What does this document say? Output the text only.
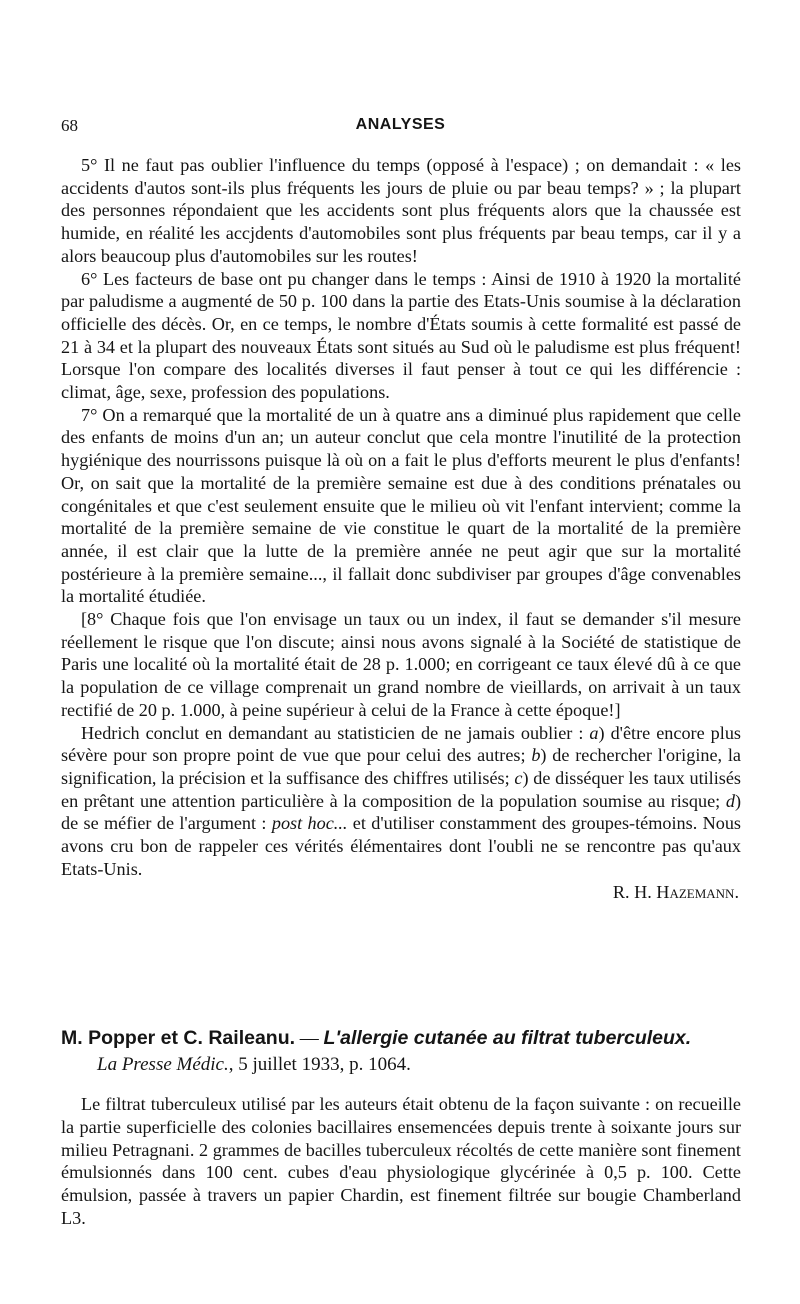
68	ANALYSES

5° Il ne faut pas oublier l'influence du temps (opposé à l'espace) ; on demandait : « les accidents d'autos sont-ils plus fréquents les jours de pluie ou par beau temps? » ; la plupart des personnes répondaient que les accidents sont plus fréquents alors que la chaussée est humide, en réalité les accjdents d'automobiles sont plus fréquents par beau temps, car il y a alors beaucoup plus d'automobiles sur les routes!

6° Les facteurs de base ont pu changer dans le temps : Ainsi de 1910 à 1920 la mortalité par paludisme a augmenté de 50 p. 100 dans la partie des Etats-Unis soumise à la déclaration officielle des décès. Or, en ce temps, le nombre d'États soumis à cette formalité est passé de 21 à 34 et la plupart des nouveaux États sont situés au Sud où le paludisme est plus fréquent! Lorsque l'on compare des localités diverses il faut penser à tout ce qui les différencie : climat, âge, sexe, profession des populations.

7° On a remarqué que la mortalité de un à quatre ans a diminué plus rapidement que celle des enfants de moins d'un an; un auteur conclut que cela montre l'inutilité de la protection hygiénique des nourrissons puisque là où on a fait le plus d'efforts meurent le plus d'enfants! Or, on sait que la mortalité de la première semaine est due à des conditions prénatales ou congénitales et que c'est seulement ensuite que le milieu où vit l'enfant intervient; comme la mortalité de la première semaine de vie constitue le quart de la mortalité de la première année, il est clair que la lutte de la première année ne peut agir que sur la mortalité postérieure à la première semaine..., il fallait donc subdiviser par groupes d'âge convenables la mortalité étudiée.

[8° Chaque fois que l'on envisage un taux ou un index, il faut se demander s'il mesure réellement le risque que l'on discute; ainsi nous avons signalé à la Société de statistique de Paris une localité où la mortalité était de 28 p. 1.000; en corrigeant ce taux élevé dû à ce que la population de ce village comprenait un grand nombre de vieillards, on arrivait à un taux rectifié de 20 p. 1.000, à peine supérieur à celui de la France à cette époque!]

Hedrich conclut en demandant au statisticien de ne jamais oublier : a) d'être encore plus sévère pour son propre point de vue que pour celui des autres; b) de rechercher l'origine, la signification, la précision et la suffisance des chiffres utilisés; c) de disséquer les taux utilisés en prêtant une attention particulière à la composition de la population soumise au risque; d) de se méfier de l'argument : post hoc... et d'utiliser constamment des groupes-témoins. Nous avons cru bon de rappeler ces vérités élémentaires dont l'oubli ne se rencontre pas qu'aux Etats-Unis.

R. H. Hazemann.
M. Popper et C. Raileanu. — L'allergie cutanée au filtrat tuberculeux.
La Presse Médic., 5 juillet 1933, p. 1064.

Le filtrat tuberculeux utilisé par les auteurs était obtenu de la façon suivante : on recueille la partie superficielle des colonies bacillaires ensemencées depuis trente à soixante jours sur milieu Petragnani. 2 grammes de bacilles tuberculeux récoltés de cette manière sont finement émulsionnés dans 100 cent. cubes d'eau physiologique glycérinée à 0,5 p. 100. Cette émulsion, passée à travers un papier Chardin, est finement filtrée sur bougie Chamberland L3.
